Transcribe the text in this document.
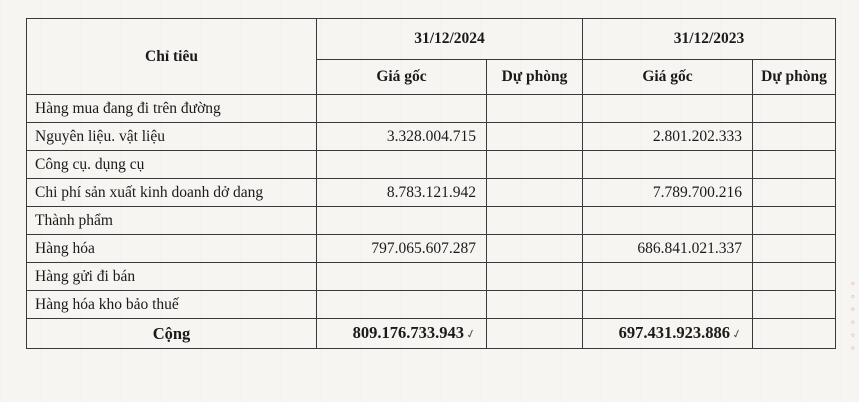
Chỉ tiêu	31/12/2024		31/12/2023	
	Giá gốc	Dự phòng	Giá gốc	Dự phòng
Hàng mua đang đi trên đường				
Nguyên liệu. vật liệu	3.328.004.715		2.801.202.333	
Công cụ. dụng cụ				
Chi phí sản xuất kinh doanh dở dang	8.783.121.942		7.789.700.216	
Thành phẩm				
Hàng hóa	797.065.607.287		686.841.021.337	
Hàng gửi đi bán				
Hàng hóa kho bảo thuế				
Cộng	809.176.733.943✓		697.431.923.886✓		◦ ◦ ◦ ◦ ◦ ◦
